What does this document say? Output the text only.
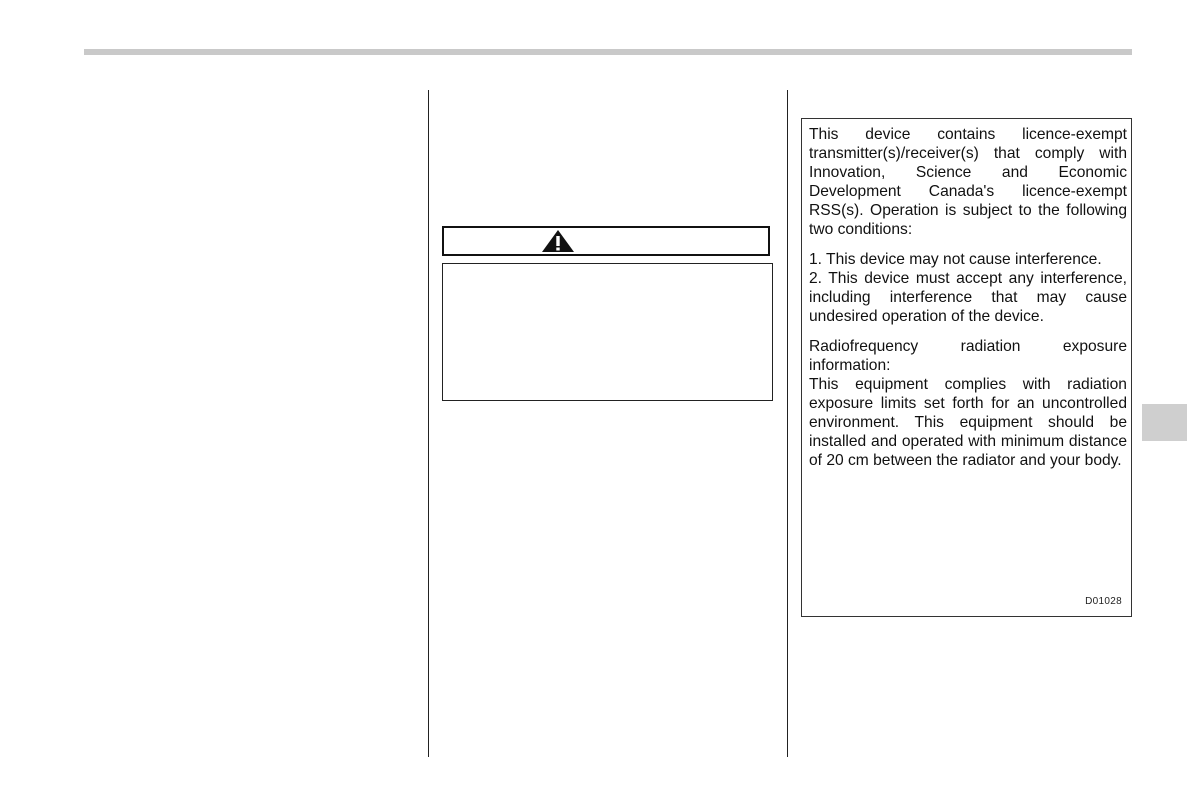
This device contains licence-exempt transmitter(s)/receiver(s) that comply with Innovation, Science and Economic Development Canada's licence-exempt RSS(s). Operation is subject to the following two conditions:

1. This device may not cause interference.

2. This device must accept any interference, including interference that may cause undesired operation of the device.

Radiofrequency radiation exposure information:

This equipment complies with radiation exposure limits set forth for an uncontrolled environment. This equipment should be installed and operated with minimum distance of 20 cm between the radiator and your body.

D01028
